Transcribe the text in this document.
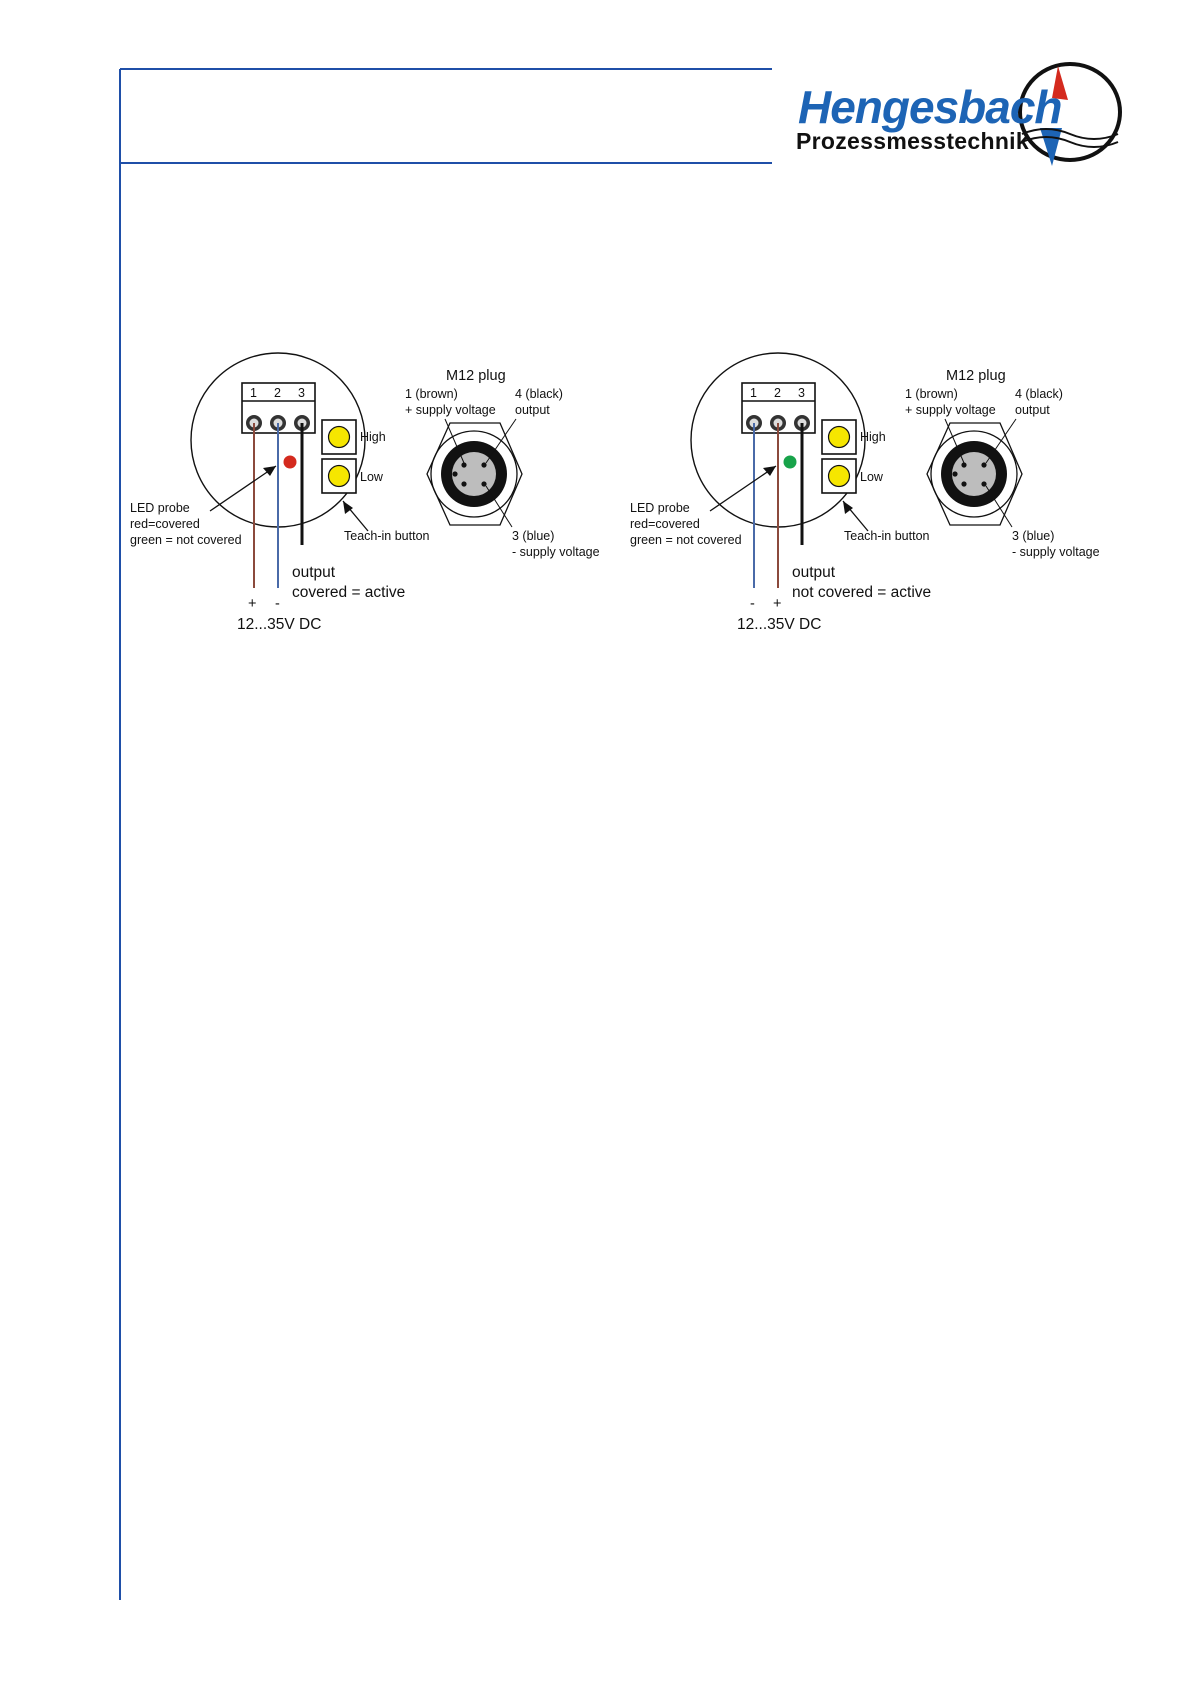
Hengesbach
Prozessmesstechnik
1 2 3
High
Low
LED probe
red=covered
green = not covered	Teach-in button
output
covered = active
+ -
12...35V DC
M12 plug
1 (brown)
+ supply voltage
4 (black)
output
3 (blue)
- supply voltage
1 2 3
High
Low
LED probe
red=covered
green = not covered	Teach-in button
output
not covered = active
- +
12...35V DC
M12 plug
1 (brown)
+ supply voltage
4 (black)
output
3 (blue)
- supply voltage
